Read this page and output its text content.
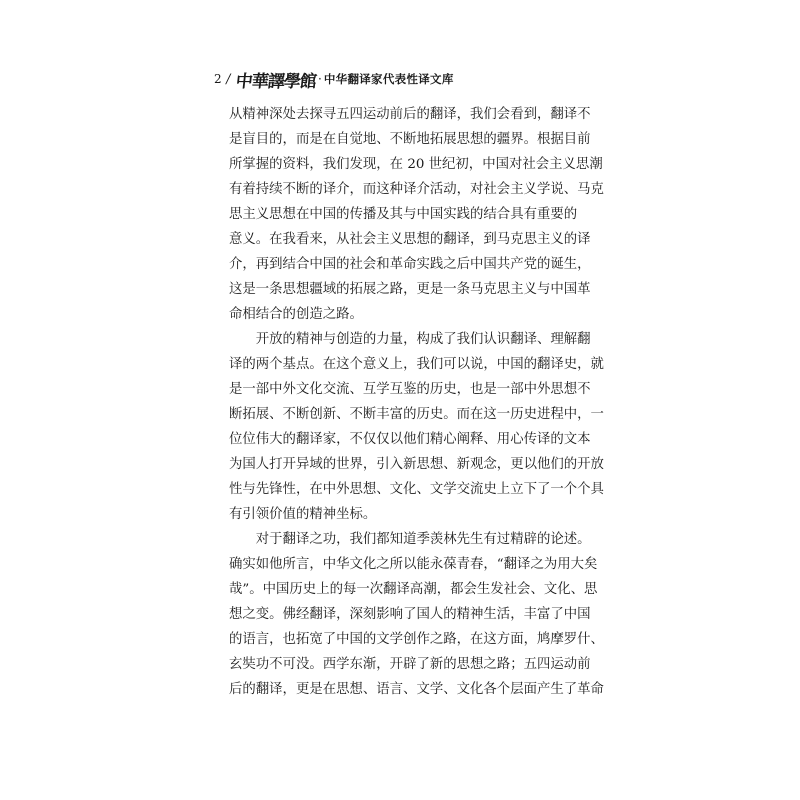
2 / 中華譯學館 · 中华翻译家代表性译文库

从精神深处去探寻五四运动前后的翻译，我们会看到，翻译不
是盲目的，而是在自觉地、不断地拓展思想的疆界。根据目前
所掌握的资料，我们发现，在 20 世纪初，中国对社会主义思潮
有着持续不断的译介，而这种译介活动，对社会主义学说、马克
思主义思想在中国的传播及其与中国实践的结合具有重要的
意义。在我看来，从社会主义思想的翻译，到马克思主义的译
介，再到结合中国的社会和革命实践之后中国共产党的诞生，
这是一条思想疆域的拓展之路，更是一条马克思主义与中国革
命相结合的创造之路。

　　开放的精神与创造的力量，构成了我们认识翻译、理解翻
译的两个基点。在这个意义上，我们可以说，中国的翻译史，就
是一部中外文化交流、互学互鉴的历史，也是一部中外思想不
断拓展、不断创新、不断丰富的历史。而在这一历史进程中，一
位位伟大的翻译家，不仅仅以他们精心阐释、用心传译的文本
为国人打开异域的世界，引入新思想、新观念，更以他们的开放
性与先锋性，在中外思想、文化、文学交流史上立下了一个个具
有引领价值的精神坐标。

　　对于翻译之功，我们都知道季羡林先生有过精辟的论述。
确实如他所言，中华文化之所以能永葆青春，“翻译之为用大矣
哉”。中国历史上的每一次翻译高潮，都会生发社会、文化、思
想之变。佛经翻译，深刻影响了国人的精神生活，丰富了中国
的语言，也拓宽了中国的文学创作之路，在这方面，鸠摩罗什、
玄奘功不可没。西学东渐，开辟了新的思想之路；五四运动前
后的翻译，更是在思想、语言、文学、文化各个层面产生了革命
